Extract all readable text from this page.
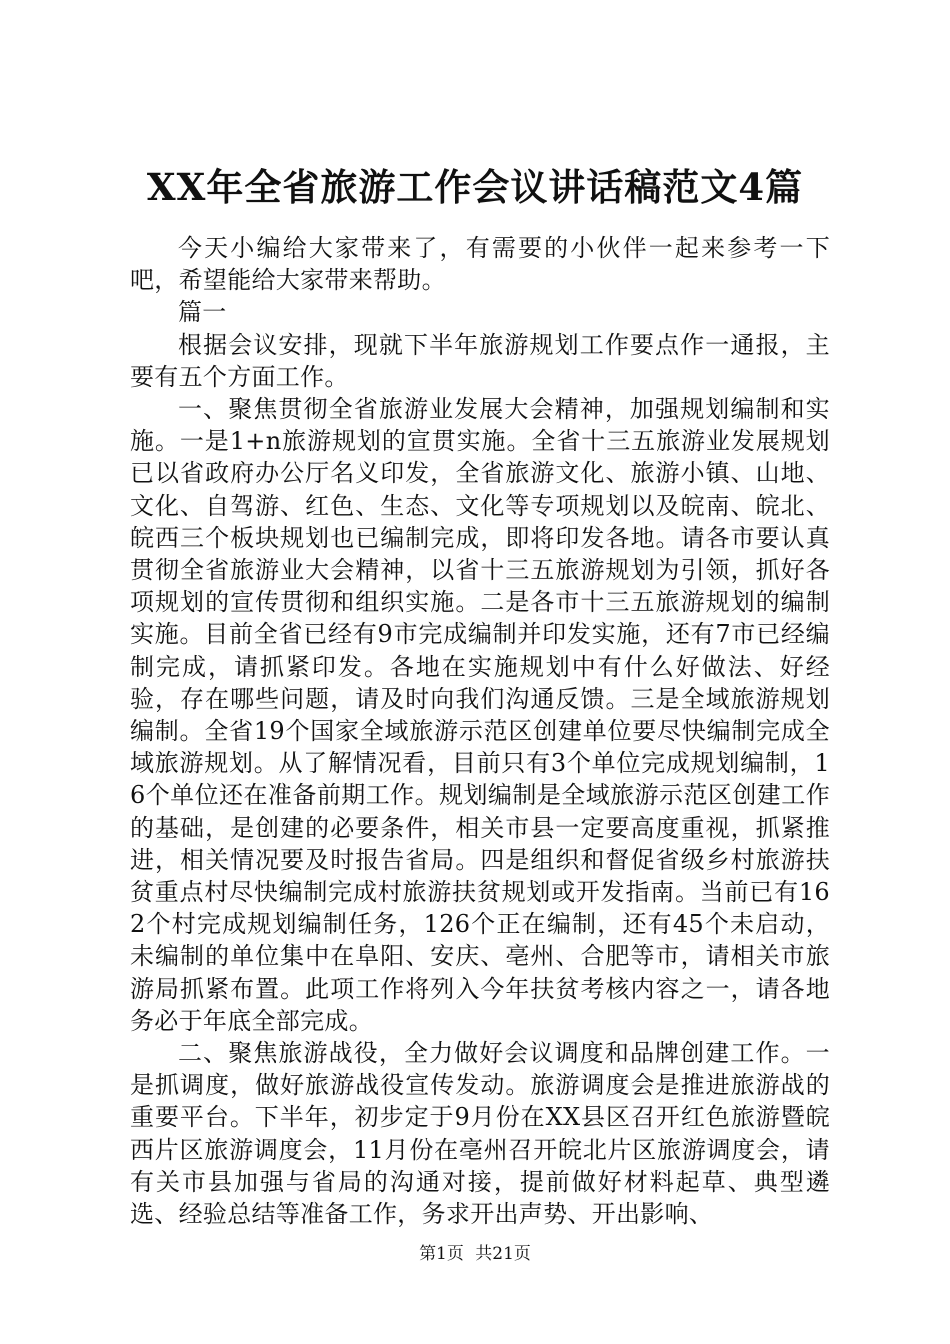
XX年全省旅游工作会议讲话稿范文4篇

今天小编给大家带来了，有需要的小伙伴一起来参考一下吧，希望能给大家带来帮助。

篇一

根据会议安排，现就下半年旅游规划工作要点作一通报，主要有五个方面工作。

一、聚焦贯彻全省旅游业发展大会精神，加强规划编制和实施。一是1+n旅游规划的宣贯实施。全省十三五旅游业发展规划已以省政府办公厅名义印发，全省旅游文化、旅游小镇、山地、文化、自驾游、红色、生态、文化等专项规划以及皖南、皖北、皖西三个板块规划也已编制完成，即将印发各地。请各市要认真贯彻全省旅游业大会精神，以省十三五旅游规划为引领，抓好各项规划的宣传贯彻和组织实施。二是各市十三五旅游规划的编制实施。目前全省已经有9市完成编制并印发实施，还有7市已经编制完成，请抓紧印发。各地在实施规划中有什么好做法、好经验，存在哪些问题，请及时向我们沟通反馈。三是全域旅游规划编制。全省19个国家全域旅游示范区创建单位要尽快编制完成全域旅游规划。从了解情况看，目前只有3个单位完成规划编制，16个单位还在准备前期工作。规划编制是全域旅游示范区创建工作的基础，是创建的必要条件，相关市县一定要高度重视，抓紧推进，相关情况要及时报告省局。四是组织和督促省级乡村旅游扶贫重点村尽快编制完成村旅游扶贫规划或开发指南。当前已有162个村完成规划编制任务，126个正在编制，还有45个未启动，未编制的单位集中在阜阳、安庆、亳州、合肥等市，请相关市旅游局抓紧布置。此项工作将列入今年扶贫考核内容之一，请各地务必于年底全部完成。

二、聚焦旅游战役，全力做好会议调度和品牌创建工作。一是抓调度，做好旅游战役宣传发动。旅游调度会是推进旅游战的重要平台。下半年，初步定于9月份在XX县区召开红色旅游暨皖西片区旅游调度会，11月份在亳州召开皖北片区旅游调度会，请有关市县加强与省局的沟通对接，提前做好材料起草、典型遴选、经验总结等准备工作，务求开出声势、开出影响、

第1页 共21页
